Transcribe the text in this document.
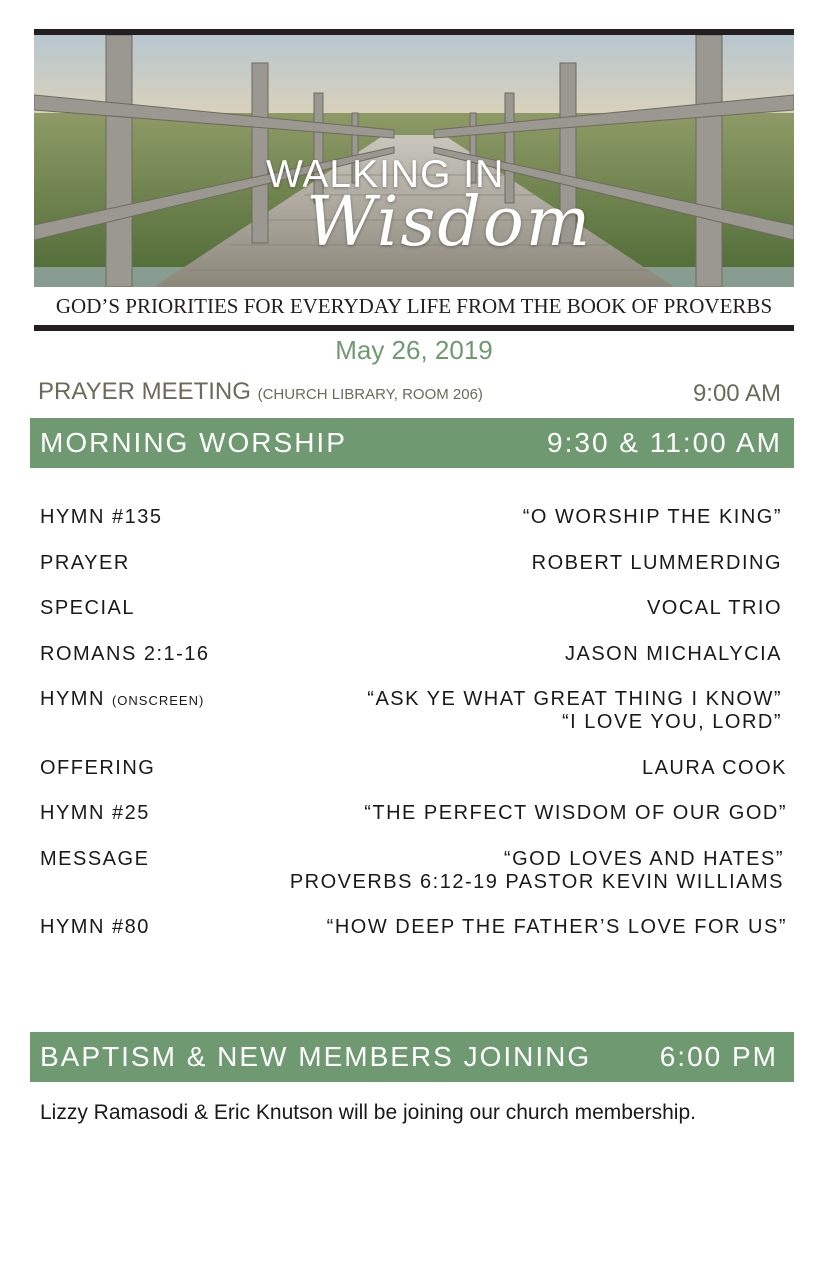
WALKING IN
Wisdom
GOD’S PRIORITIES FOR EVERYDAY LIFE FROM THE BOOK OF PROVERBS
May 26, 2019
PRAYER MEETING (CHURCH LIBRARY, ROOM 206)	9:00 AM
MORNING WORSHIP	9:30 & 11:00 AM
HYMN #135	“O WORSHIP THE KING”
PRAYER	ROBERT LUMMERDING
SPECIAL	VOCAL TRIO
ROMANS 2:1-16	JASON MICHALYCIA
HYMN (ONSCREEN)	“ASK YE WHAT GREAT THING I KNOW”
“I LOVE YOU, LORD”
OFFERING	LAURA COOK
HYMN #25	“THE PERFECT WISDOM OF OUR GOD”
MESSAGE	“GOD LOVES AND HATES”
PROVERBS 6:12-19 PASTOR KEVIN WILLIAMS
HYMN #80	“HOW DEEP THE FATHER’S LOVE FOR US”
BAPTISM & NEW MEMBERS JOINING 6:00 PM
Lizzy Ramasodi & Eric Knutson will be joining our church membership.
